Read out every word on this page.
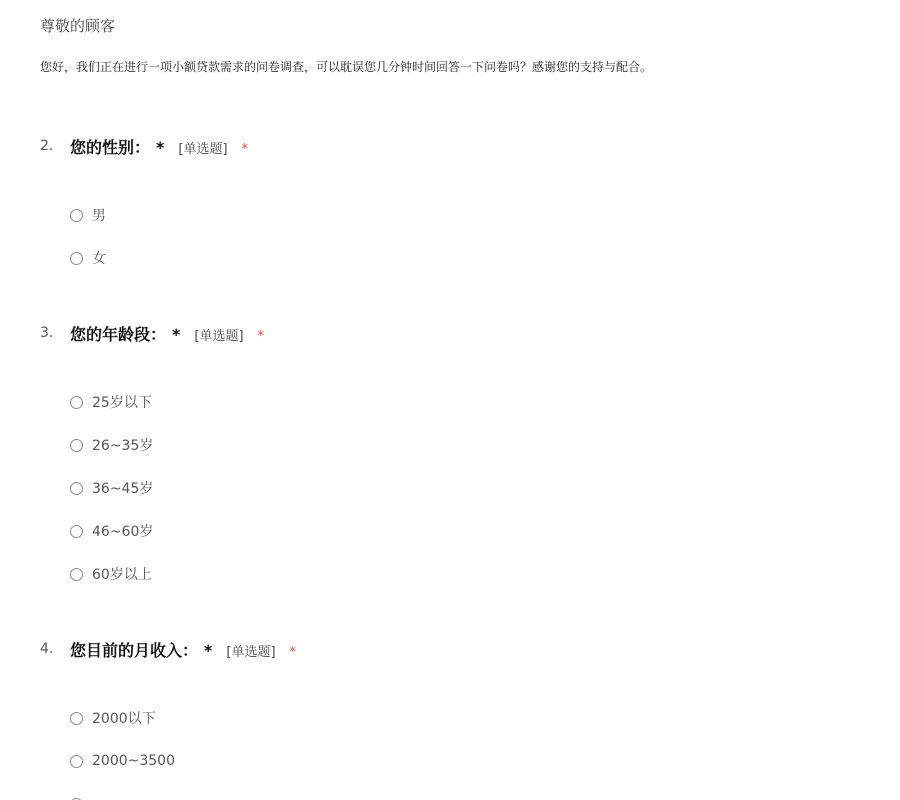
尊敬的顾客
您好，我们正在进行一项小额贷款需求的问卷调查，可以耽误您几分钟时间回答一下问卷吗？感谢您的支持与配合。
2. 您的性别： * [单选题] *
男
女
3. 您的年龄段： * [单选题] *
25岁以下
26~35岁
36~45岁
46~60岁
60岁以上
4. 您目前的月收入： * [单选题] *
2000以下
2000~3500
